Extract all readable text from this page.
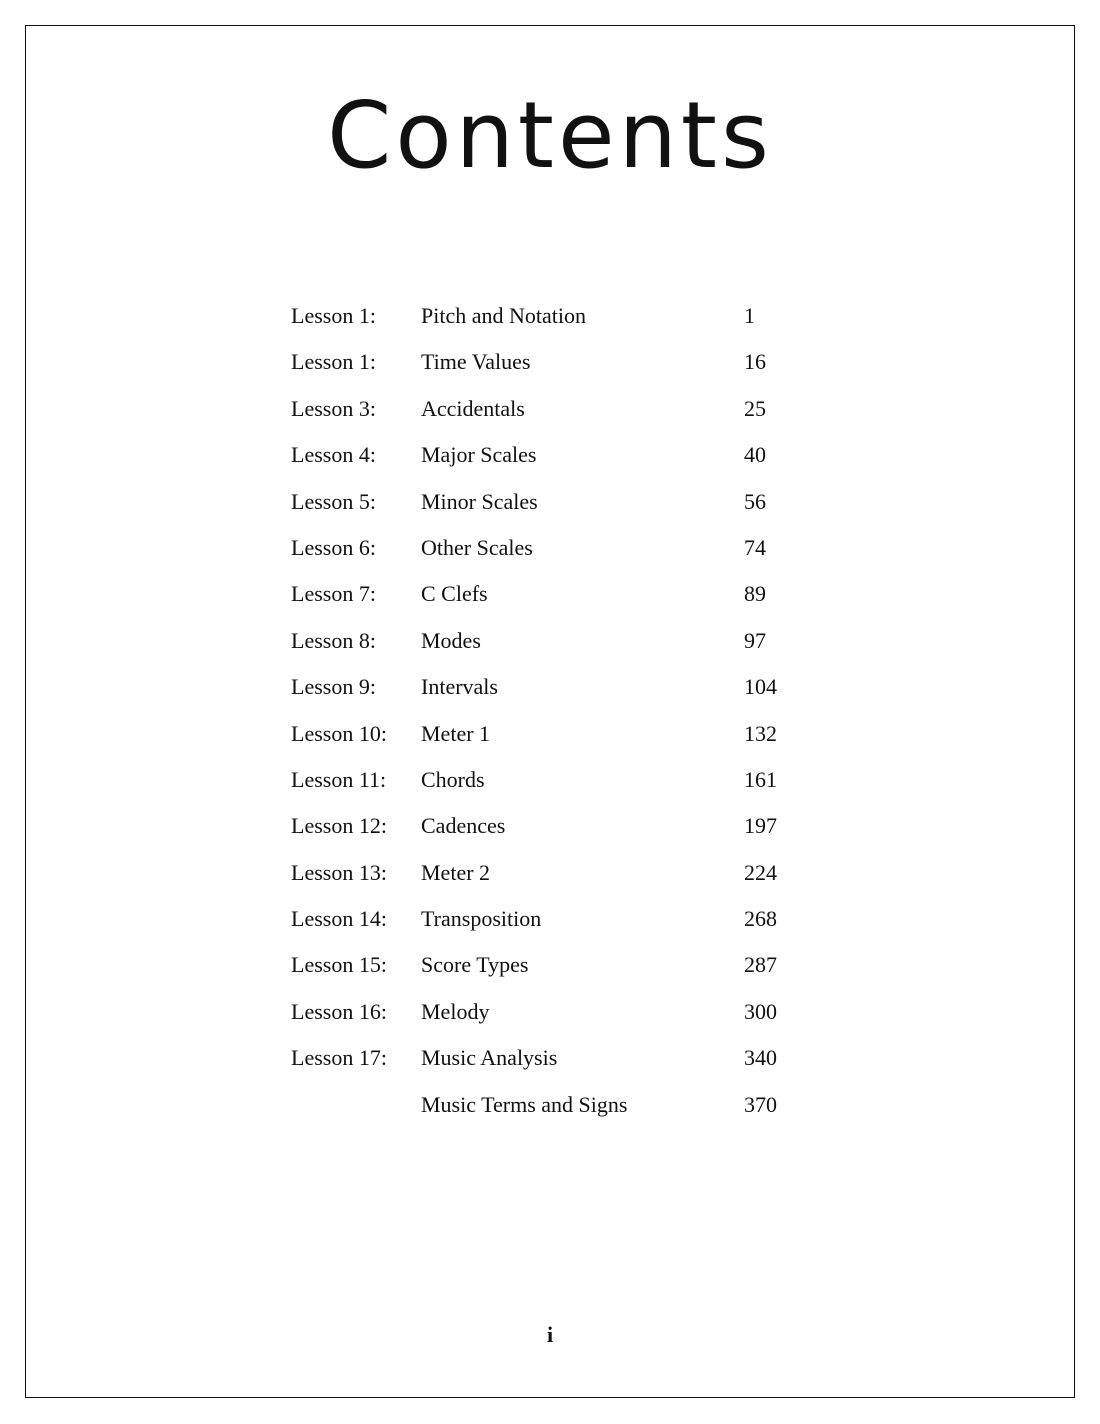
Contents
Lesson 1: Pitch and Notation	1
Lesson 1: Time Values	16
Lesson 3: Accidentals	25
Lesson 4: Major Scales	40
Lesson 5: Minor Scales	56
Lesson 6: Other Scales	74
Lesson 7: C Clefs	89
Lesson 8: Modes	97
Lesson 9: Intervals	104
Lesson 10: Meter 1	132
Lesson 11: Chords	161
Lesson 12: Cadences	197
Lesson 13: Meter 2	224
Lesson 14: Transposition	268
Lesson 15: Score Types	287
Lesson 16: Melody	300
Lesson 17: Music Analysis	340
Music Terms and Signs	370
i
